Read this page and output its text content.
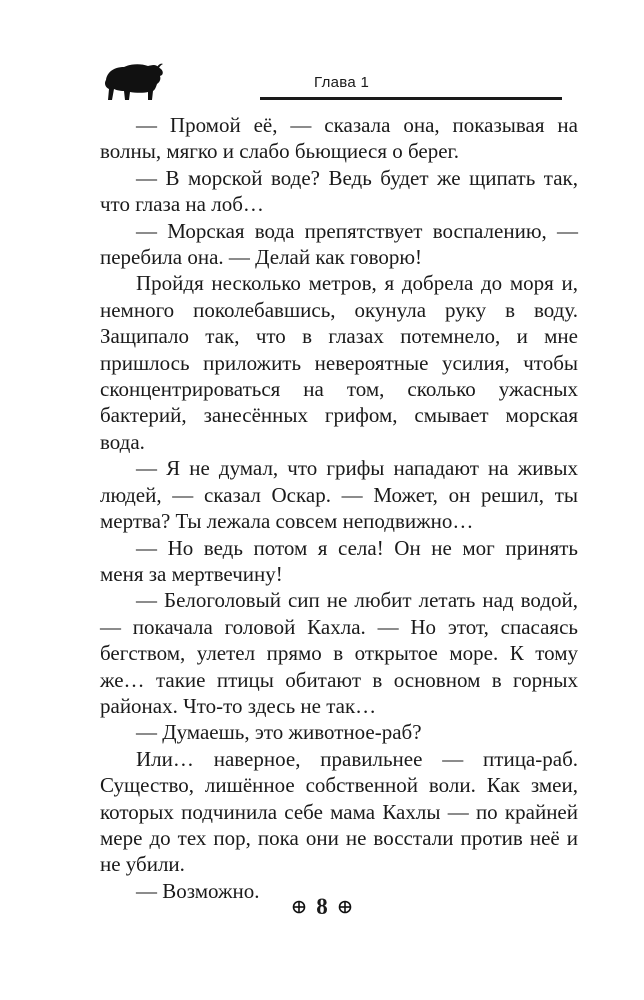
Глава 1

— Промой её, — сказала она, показывая на волны, мягко и слабо бьющиеся о берег.

— В морской воде? Ведь будет же щипать так, что глаза на лоб…

— Морская вода препятствует воспалению, — перебила она. — Делай как говорю!

Пройдя несколько метров, я добрела до моря и, немного поколебавшись, окунула руку в воду. Защипало так, что в глазах потемнело, и мне пришлось приложить невероятные усилия, чтобы сконцентрироваться на том, сколько ужасных бактерий, занесённых грифом, смывает морская вода.

— Я не думал, что грифы нападают на живых людей, — сказал Оскар. — Может, он решил, ты мертва? Ты лежала совсем неподвижно…

— Но ведь потом я села! Он не мог принять меня за мертвечину!

— Белоголовый сип не любит летать над водой, — покачала головой Кахла. — Но этот, спасаясь бегством, улетел прямо в открытое море. К тому же… такие птицы обитают в основном в горных районах. Что-то здесь не так…

— Думаешь, это животное-раб?

Или… наверное, правильнее — птица-раб. Существо, лишённое собственной воли. Как змеи, которых подчинила себе мама Кахлы — по крайней мере до тех пор, пока они не восстали против неё и не убили.

— Возможно.

8
